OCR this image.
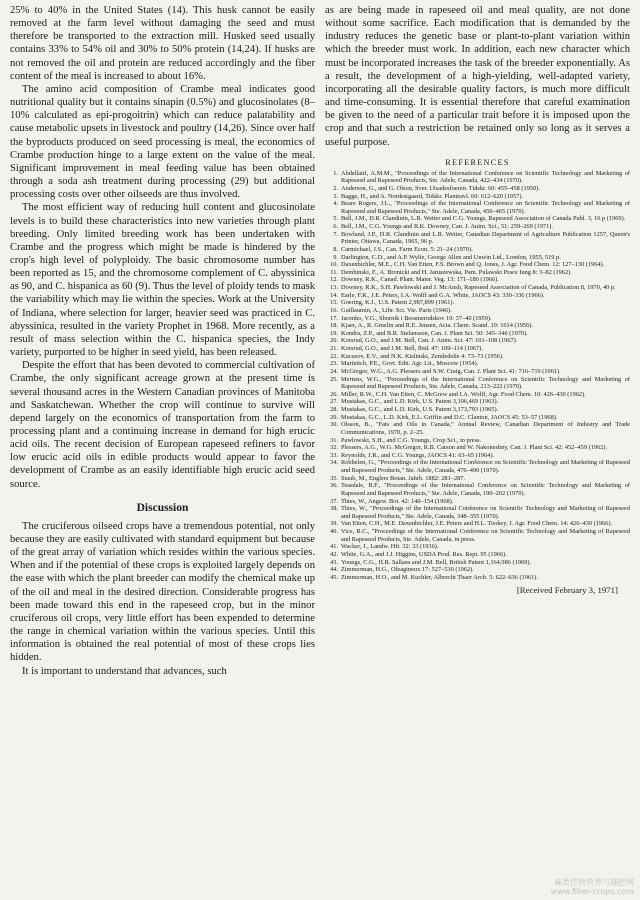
25% to 40% in the United States (14). This husk cannot be easily removed at the farm level without damaging the seed and must therefore be transported to the extraction mill. Husked seed usually contains 33% to 54% oil and 30% to 50% protein (14,24). If husks are not removed the oil and protein are reduced accordingly and the fiber content of the meal is increased to about 16%.

The amino acid composition of Crambe meal indicates good nutritional quality but it contains sinapin (0.5%) and glucosinolates (8–10% calculated as epi-progoitrin) which can reduce palatability and cause metabolic upsets in livestock and poultry (14,26). Since over half the byproducts produced on seed processing is meal, the economics of Crambe production hinge to a large extent on the value of the meal. Significant improvement in meal feeding value has been obtained through a soda ash treatment during processing (29) but additional processing costs over other oilseeds are thus involved.

The most efficient way of reducing hull content and glucosinolate levels is to build these characteristics into new varieties through plant breeding. Only limited breeding work has been undertaken with Crambe and the progress which might be made is hindered by the crop's high level of polyploidy. The basic chromosome number has been reported as 15, and the chromosome complement of C. abyssinica as 90, and C. hispanica as 60 (9). Thus the level of ploidy tends to mask the variability which may lie within the species. Work at the University of Indiana, where selection for larger, heavier seed was practiced in C. abyssinica, resulted in the variety Prophet in 1968. More recently, as a result of mass selection within the C. hispanica species, the Indy variety, purported to be higher in seed yield, has been released.

Despite the effort that has been devoted to commercial cultivation of Crambe, the only significant acreage grown at the present time is several thousand acres in the Western Canadian provinces of Manitoba and Saskatchewan. Whether the crop will continue to survive will depend largely on the economics of transportation from the farm to processing plant and a continuing increase in demand for high erucic acid oils. The recent decision of European rapeseed refiners to favor low erucic acid oils in edible products would appear to favor the development of Crambe as an easily identifiable high erucic acid seed source.

Discussion

The cruciferous oilseed crops have a tremendous potential, not only because they are easily cultivated with standard equipment but because of the great array of variation which resides within the various species. When and if the potential of these crops is exploited largely depends on the ease with which the plant breeder can modify the chemical make up of the oil and meal in the desired direction. Considerable progress has been made toward this end in the rapeseed crop, but in the minor cruciferous oil crops, very little effort has been expended to determine the range in chemical variation within the various species. Until this information is obtained the real potential of most of these crops lies hidden.

It is important to understand that advances, such

as are being made in rapeseed oil and meal quality, are not done without some sacrifice. Each modification that is demanded by the industry reduces the genetic base or plant-to-plant variation within which the breeder must work. In addition, each new character which must be incorporated increases the task of the breeder exponentially. As a result, the development of a high-yielding, well-adapted variety, incorporating all the desirable quality factors, is much more difficult and time-consuming. It is essential therefore that careful examination be given to the need of a particular trait before it is imposed upon the crop and that such a restriction be retained only so long as it serves a useful purpose.

REFERENCES
1. Abdellatif, A.M.M., "Proceedings of the International Conference on Scientific Technology and Marketing of Rapeseed and Rapeseed Products, Ste. Adele, Canada, 422–434 (1970).
2. Anderson, G., and G. Olson, Sver. Utsadesfoeren. Tidskr. 60: 455–458 (1950).
3. Bagge, H., and A. Nordestgaard, Tidskr. Planteavl. 60: 612–620 (1957).
4. Beare Rogers, J.L., "Proceedings of the International Conference on Scientific Technology and Marketing of Rapeseed and Rapeseed Products," Ste. Adele, Canada, 450–465 (1970).
5. Bell, J.M., D.R. Clandinin, L.R. Wetter and C.G. Youngs, Rapeseed Association of Canada Publ. 3, 16 p (1969).
6. Bell, J.M., C.G. Youngs and R.K. Downey, Can. J. Anim. Sci., 51: 259–269 (1971).
7. Bowland, J.P., D.R. Clandinin and L.R. Wetter, Canadian Department of Agriculture Publication 1257, Queen's Printer, Ottawa, Canada, 1965, 96 p.
8. Carmichael, J.S., Can. Farm Econ. 5: 21–24 (1970).
9. Darlington, C.D., and A.P. Wylie, George Allen and Unwin Ltd., London, 1955, 519 p.
10. Daxenbichler, M.E., C.H. Van Etten, F.S. Brown and Q. Jones, J. Agr. Food Chem. 12: 127–130 (1964).
11. Dembinski, F., A. Bronicki and H. Jaruszewska, Pam. Pulawski Prace Iung 8: 3–82 (1962).
12. Downey, R.K., Canad. Plant. Mater. Veg. 13: 171–180 (1966).
13. Downey, R.K., S.H. Pawlowski and J. McAnsh, Rapeseed Association of Canada, Publication 8, 1970, 40 p.
14. Earle, F.R., J.E. Peters, I.A. Wolff and G.A. White, JAOCS 43: 330–336 (1966).
15. Goering, K.J., U.S. Patent 2,987,899 (1961).
16. Guillaumin, A., Libr. Sci. Vie. Paris (1946).
17. Jacenko, V.G., Sbornik i Bessmerodskov 19: 37–40 (1959).
18. Kjaer, A., R. Gmelin and R.E. Jensen, Acta. Chem. Scand. 10: 1614 (1956).
19. Kondra, Z.P., and B.R. Stefansson, Can. J. Plant Sci. 50: 345–346 (1970).
20. Korsrud, G.O., and J.M. Bell, Can. J. Anim. Sci. 47: 101–108 (1967).
21. Korsrud, G.O., and J.M. Bell, Ibid. 47: 109–114 (1967).
22. Kuczeov, E.V., and N.K. Kislinski, Zemledelie 4: 73–73 (1956).
23. Marinitch, P.E., Govt. Edit. Agr. Lit., Moscow (1954).
24. McGregor, W.G., A.G. Plessers and S.W. Craig, Can. J. Plant Sci. 41: 716–719 (1961).
25. Mertens, W.G., "Proceedings of the International Conference on Scientific Technology and Marketing of Rapeseed and Rapeseed Products, Ste. Adele, Canada, 213–222 (1970).
26. Miller, R.W., C.H. Van Etten, C. McGrew and I.A. Wolff, Agr. Food Chem. 10: 426–430 (1962).
27. Mustakas, G.C., and L.D. Kirk, U.S. Patent 3,106,469 (1963).
28. Mustakas, G.C., and L.D. Kirk, U.S. Patent 3,173,793 (1965).
29. Mustakas, G.C., L.D. Kirk, E.L. Griffin and D.C. Clanton, JAOCS 45: 53–57 (1968).
30. Olsson, B., "Fats and Oils in Canada," Annual Review, Canadian Department of Industry and Trade Communications, 1970, p. 2–25.
31. Pawlowski, S.H., and C.G. Youngs, Crop Sci., in press.
32. Plessers, A.G., W.G. McGregor, R.B. Carson and W. Nakoneshny, Can. J. Plant Sci. 42: 452–459 (1962).
33. Reynolds, J.R., and C.G. Youngs, JAOCS 41: 63–65 (1964).
34. Robbelen, G., "Proceedings of the International Conference on Scientific Technology and Marketing of Rapeseed and Rapeseed Products," Ste. Adele, Canada, 476–490 (1970).
35. Staub, M., Englers Botan. Jahrb. 1882: 281–287.
36. Teasdale, B.F., "Proceedings of the International Conference on Scientific Technology and Marketing of Rapeseed and Rapeseed Products," Ste. Adele, Canada, 190–202 (1970).
37. Thies, W., Angew. Bot. 42: 140–154 (1968).
38. Thies, W., "Proceedings of the International Conference on Scientific Technology and Marketing of Rapeseed and Rapeseed Products," Ste. Adele, Canada, 348–355 (1970).
39. Van Etten, C.H., M.E. Daxenbichler, J.E. Peters and H.L. Tookey, J. Agr. Food Chem. 14: 426–430 (1966).
40. Vice, R.C., "Proceedings of the International Conference on Scientific Technology and Marketing of Rapeseed and Rapeseed Products, Ste. Adele, Canada, in press.
41. Wacker, J., Landw. Hft. 32: 33 (1936).
42. White, G.A., and J.J. Higgins, USDA Prod. Res. Rept. 95 (1966).
43. Youngs, C.G., H.R. Sallans and J.M. Bell, British Patent 1,164,986 (1969).
44. Zimmerman, H.G., Oleagineux 17: 527–530 (1962).
45. Zimmerman, H.O., and M. Kuchler, Albrecht Thaer Arch. 5: 622–636 (1961).
[Received February 3, 1971]
麻类作物营养与施肥网
www.fiber-crops.com
